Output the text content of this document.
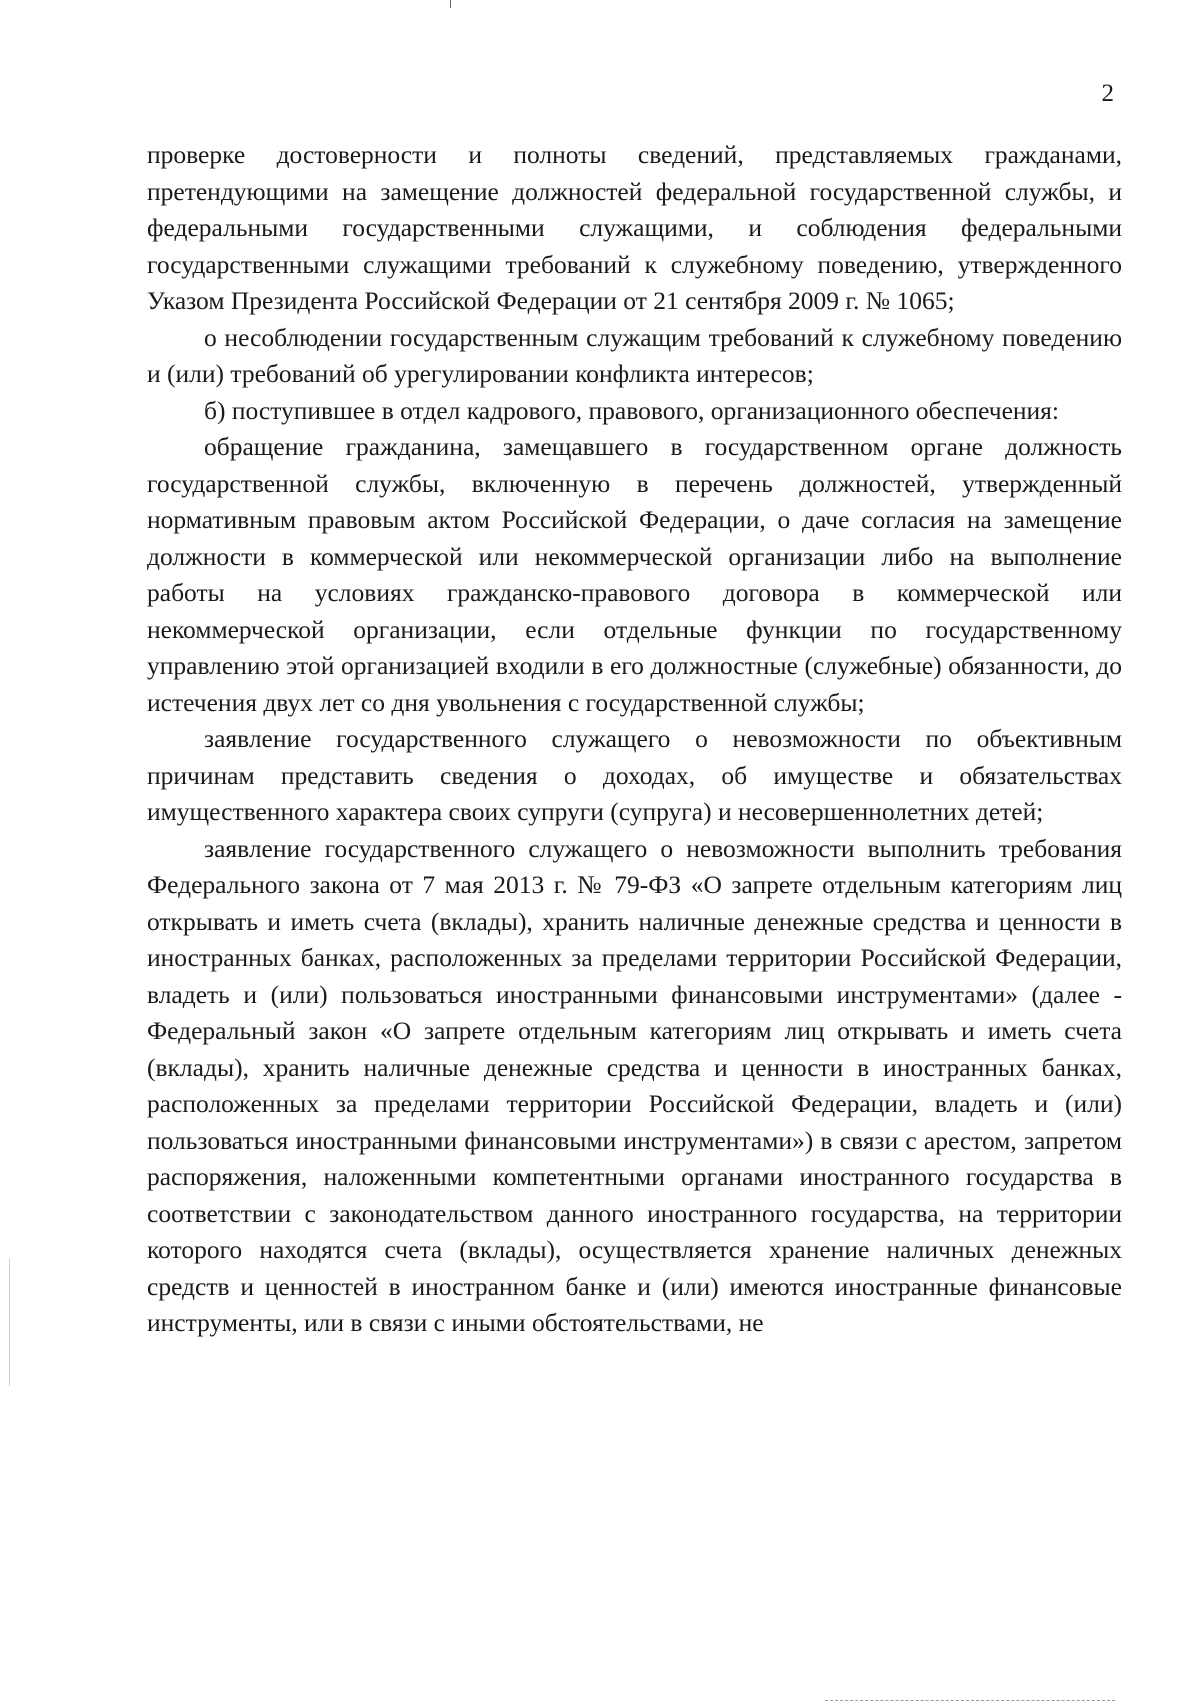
2

проверке достоверности и полноты сведений, представляемых гражданами, претендующими на замещение должностей федеральной государственной службы, и федеральными государственными служащими, и соблюдения федеральными государственными служащими требований к служебному поведению, утвержденного Указом Президента Российской Федерации от 21 сентября 2009 г. № 1065;

о несоблюдении государственным служащим требований к служебному поведению и (или) требований об урегулировании конфликта интересов;

б) поступившее в отдел кадрового, правового, организационного обеспечения:

обращение гражданина, замещавшего в государственном органе должность государственной службы, включенную в перечень должностей, утвержденный нормативным правовым актом Российской Федерации, о даче согласия на замещение должности в коммерческой или некоммерческой организации либо на выполнение работы на условиях гражданско-правового договора в коммерческой или некоммерческой организации, если отдельные функции по государственному управлению этой организацией входили в его должностные (служебные) обязанности, до истечения двух лет со дня увольнения с государственной службы;

заявление государственного служащего о невозможности по объективным причинам представить сведения о доходах, об имуществе и обязательствах имущественного характера своих супруги (супруга) и несовершеннолетних детей;

заявление государственного служащего о невозможности выполнить требования Федерального закона от 7 мая 2013 г. № 79-ФЗ «О запрете отдельным категориям лиц открывать и иметь счета (вклады), хранить наличные денежные средства и ценности в иностранных банках, расположенных за пределами территории Российской Федерации, владеть и (или) пользоваться иностранными финансовыми инструментами» (далее - Федеральный закон «О запрете отдельным категориям лиц открывать и иметь счета (вклады), хранить наличные денежные средства и ценности в иностранных банках, расположенных за пределами территории Российской Федерации, владеть и (или) пользоваться иностранными финансовыми инструментами») в связи с арестом, запретом распоряжения, наложенными компетентными органами иностранного государства в соответствии с законодательством данного иностранного государства, на территории которого находятся счета (вклады), осуществляется хранение наличных денежных средств и ценностей в иностранном банке и (или) имеются иностранные финансовые инструменты, или в связи с иными обстоятельствами, не
